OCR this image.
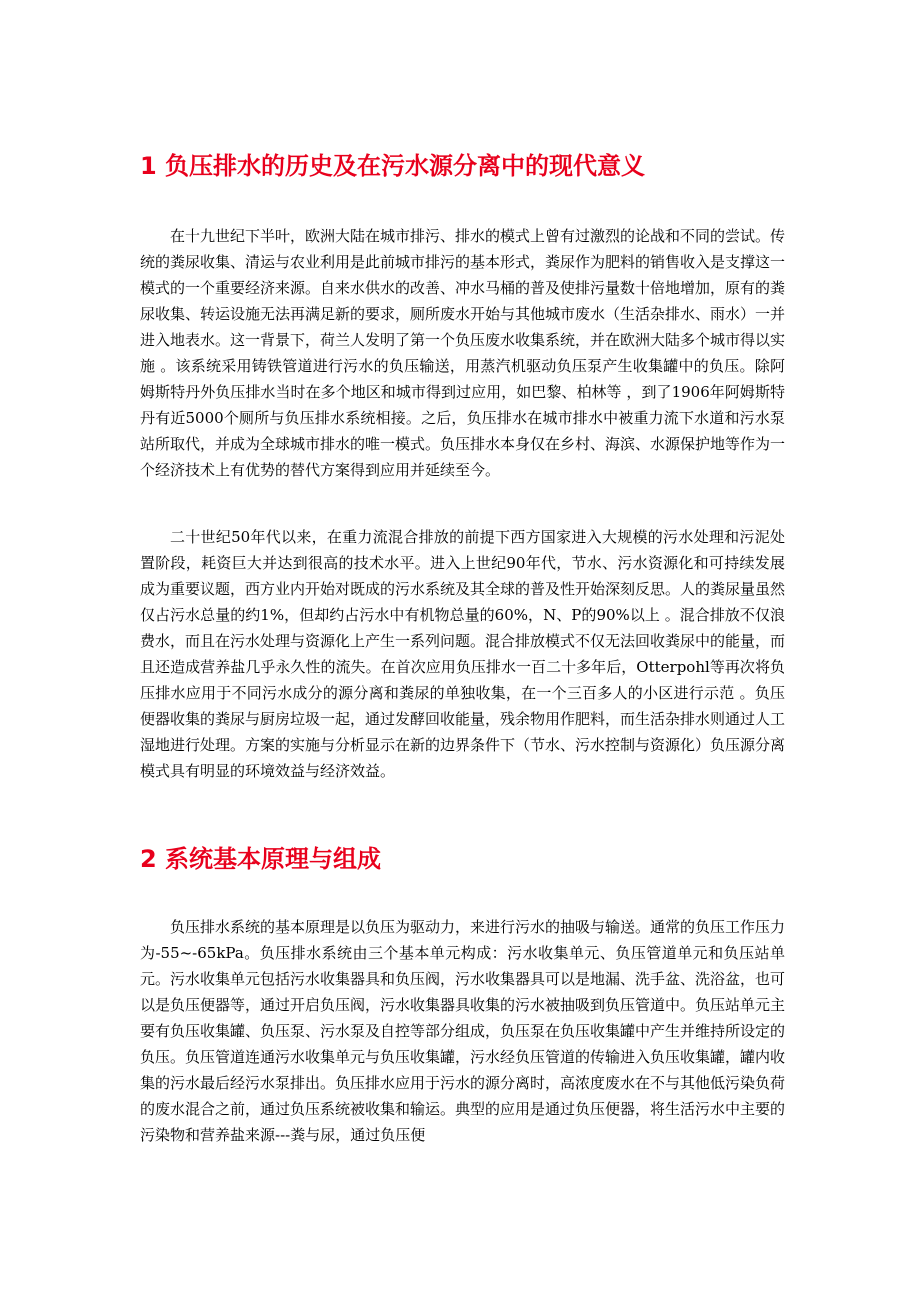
1 负压排水的历史及在污水源分离中的现代意义

在十九世纪下半叶，欧洲大陆在城市排污、排水的模式上曾有过激烈的论战和不同的尝试。传统的粪尿收集、清运与农业利用是此前城市排污的基本形式，粪尿作为肥料的销售收入是支撑这一模式的一个重要经济来源。自来水供水的改善、冲水马桶的普及使排污量数十倍地增加，原有的粪尿收集、转运设施无法再满足新的要求，厕所废水开始与其他城市废水（生活杂排水、雨水）一并进入地表水。这一背景下，荷兰人发明了第一个负压废水收集系统，并在欧洲大陆多个城市得以实施 。该系统采用铸铁管道进行污水的负压输送，用蒸汽机驱动负压泵产生收集罐中的负压。除阿姆斯特丹外负压排水当时在多个地区和城市得到过应用，如巴黎、柏林等 ，到了1906年阿姆斯特丹有近5000个厕所与负压排水系统相接。之后，负压排水在城市排水中被重力流下水道和污水泵站所取代，并成为全球城市排水的唯一模式。负压排水本身仅在乡村、海滨、水源保护地等作为一个经济技术上有优势的替代方案得到应用并延续至今。

二十世纪50年代以来，在重力流混合排放的前提下西方国家进入大规模的污水处理和污泥处置阶段，耗资巨大并达到很高的技术水平。进入上世纪90年代，节水、污水资源化和可持续发展成为重要议题，西方业内开始对既成的污水系统及其全球的普及性开始深刻反思。人的粪尿量虽然仅占污水总量的约1%，但却约占污水中有机物总量的60%，N、P的90%以上 。混合排放不仅浪费水，而且在污水处理与资源化上产生一系列问题。混合排放模式不仅无法回收粪尿中的能量，而且还造成营养盐几乎永久性的流失。在首次应用负压排水一百二十多年后，Otterpohl等再次将负压排水应用于不同污水成分的源分离和粪尿的单独收集，在一个三百多人的小区进行示范 。负压便器收集的粪尿与厨房垃圾一起，通过发酵回收能量，残余物用作肥料，而生活杂排水则通过人工湿地进行处理。方案的实施与分析显示在新的边界条件下（节水、污水控制与资源化）负压源分离模式具有明显的环境效益与经济效益。

2 系统基本原理与组成

负压排水系统的基本原理是以负压为驱动力，来进行污水的抽吸与输送。通常的负压工作压力为-55~-65kPa。负压排水系统由三个基本单元构成：污水收集单元、负压管道单元和负压站单元。污水收集单元包括污水收集器具和负压阀，污水收集器具可以是地漏、洗手盆、洗浴盆，也可以是负压便器等，通过开启负压阀，污水收集器具收集的污水被抽吸到负压管道中。负压站单元主要有负压收集罐、负压泵、污水泵及自控等部分组成，负压泵在负压收集罐中产生并维持所设定的负压。负压管道连通污水收集单元与负压收集罐，污水经负压管道的传输进入负压收集罐，罐内收集的污水最后经污水泵排出。负压排水应用于污水的源分离时，高浓度废水在不与其他低污染负荷的废水混合之前，通过负压系统被收集和输运。典型的应用是通过负压便器，将生活污水中主要的污染物和营养盐来源---粪与尿，通过负压便
